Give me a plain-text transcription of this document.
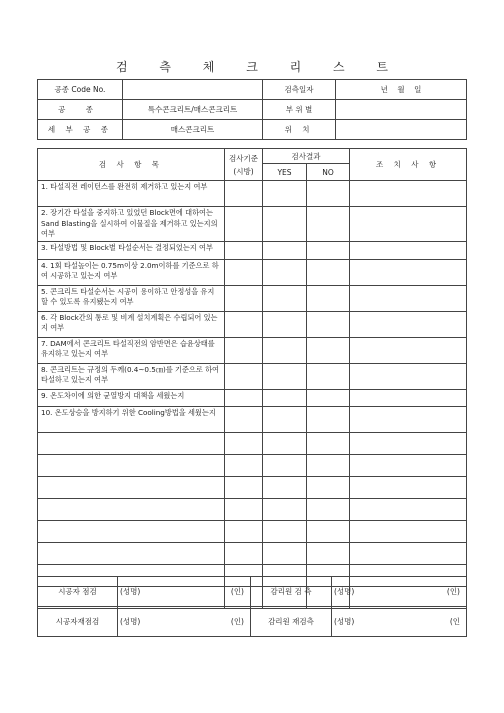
검 측 체 크 리 스 트
공종 Code No.		검측일자	년    월    일
공 종	특수콘크리트/매스콘크리트	부 위 별	
세 부 공 종	매스콘크리트	위 치	
검 사 항 목	검사기준
(시방)	검사결과		조 치 사 항
		YES	NO	
1. 타설직전 레이턴스를 완전히 제거하고 있는지 여부				
2. 장기간 타설을 중지하고 있었던 Block면에 대하여는 Sand Blasting을 실시하여 이물질을 제거하고 있는지의 여부				
3. 타설방법 및 Block별 타설순서는 결정되었는지 여부				
4. 1회 타설높이는 0.75m이상 2.0m이하를 기준으로 하여 시공하고 있는지 여부				
5. 콘크리트 타설순서는 시공이 용이하고 안정성을 유지할 수 있도록 유지됐는지 여부				
6. 각 Block간의 통로 및 비계 설치계획은 수립되어 있는지 여부				
7. DAM에서 콘크리트 타설직전의 암반면은 습윤상태를 유지하고 있는지 여부				
8. 콘크리트는 규정의 두께(0.4~0.5㎝)를 기준으로 하여 타설하고 있는지 여부				
9. 온도차이에 의한 균열방지 대책을 세웠는지				
10. 온도상승을 방지하기 위한 Cooling방법을 세웠는지				

시공자 점검	(성명) (인)	감리원 검 측	(성명) (인)

시공자재점검	(성명) (인)	감리원 재검측	(성명) (인
